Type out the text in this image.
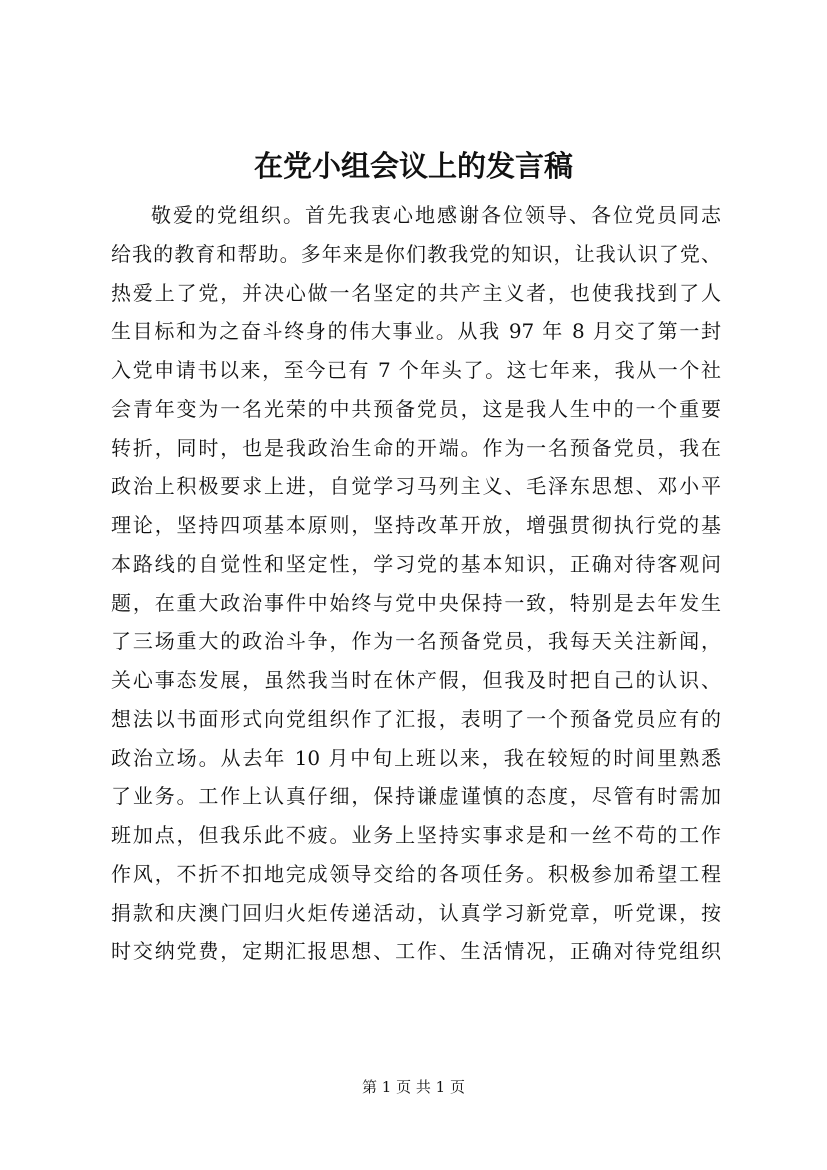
在党小组会议上的发言稿
敬爱的党组织。首先我衷心地感谢各位领导、各位党员同志
给我的教育和帮助。多年来是你们教我党的知识，让我认识了党、
热爱上了党，并决心做一名坚定的共产主义者，也使我找到了人
生目标和为之奋斗终身的伟大事业。从我 97 年 8 月交了第一封
入党申请书以来，至今已有 7 个年头了。这七年来，我从一个社
会青年变为一名光荣的中共预备党员，这是我人生中的一个重要
转折，同时，也是我政治生命的开端。作为一名预备党员，我在
政治上积极要求上进，自觉学习马列主义、毛泽东思想、邓小平
理论，坚持四项基本原则，坚持改革开放，增强贯彻执行党的基
本路线的自觉性和坚定性，学习党的基本知识，正确对待客观问
题，在重大政治事件中始终与党中央保持一致，特别是去年发生
了三场重大的政治斗争，作为一名预备党员，我每天关注新闻，
关心事态发展，虽然我当时在休产假，但我及时把自己的认识、
想法以书面形式向党组织作了汇报，表明了一个预备党员应有的
政治立场。从去年 10 月中旬上班以来，我在较短的时间里熟悉
了业务。工作上认真仔细，保持谦虚谨慎的态度，尽管有时需加
班加点，但我乐此不疲。业务上坚持实事求是和一丝不苟的工作
作风，不折不扣地完成领导交给的各项任务。积极参加希望工程
捐款和庆澳门回归火炬传递活动，认真学习新党章，听党课，按
时交纳党费，定期汇报思想、工作、生活情况，正确对待党组织
第 1 页 共 1 页
